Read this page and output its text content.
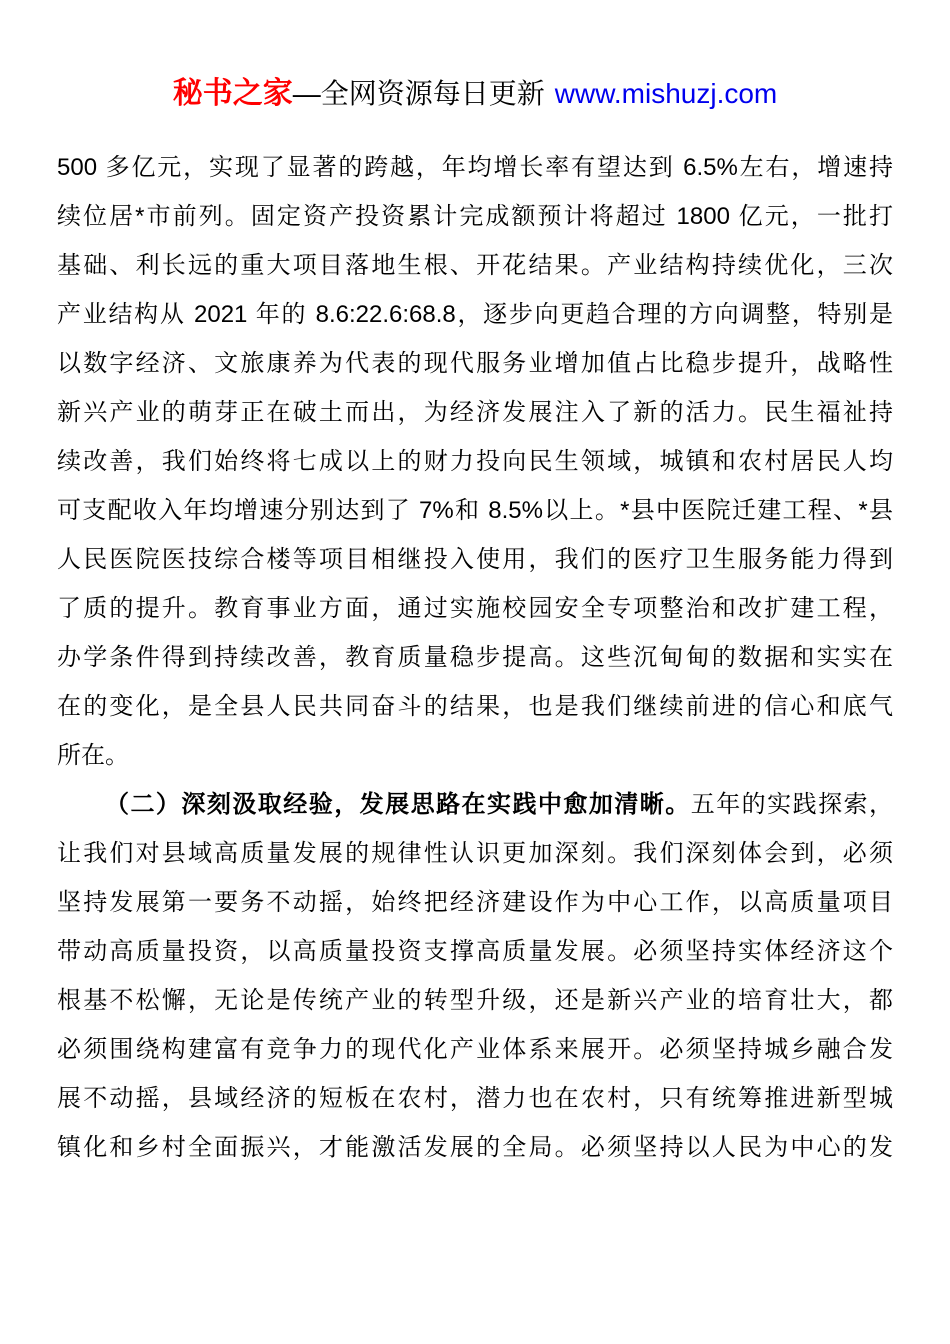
秘书之家—全网资源每日更新 www.mishuzj.com
500 多亿元，实现了显著的跨越，年均增长率有望达到 6.5%左右，增速持
续位居*市前列。固定资产投资累计完成额预计将超过 1800 亿元，一批打
基础、利长远的重大项目落地生根、开花结果。产业结构持续优化，三次
产业结构从 2021 年的 8.6:22.6:68.8，逐步向更趋合理的方向调整，特别是
以数字经济、文旅康养为代表的现代服务业增加值占比稳步提升，战略性
新兴产业的萌芽正在破土而出，为经济发展注入了新的活力。民生福祉持
续改善，我们始终将七成以上的财力投向民生领域，城镇和农村居民人均
可支配收入年均增速分别达到了 7%和 8.5%以上。*县中医院迁建工程、*县
人民医院医技综合楼等项目相继投入使用，我们的医疗卫生服务能力得到
了质的提升。教育事业方面，通过实施校园安全专项整治和改扩建工程，
办学条件得到持续改善，教育质量稳步提高。这些沉甸甸的数据和实实在
在的变化，是全县人民共同奋斗的结果，也是我们继续前进的信心和底气
所在。
（二）深刻汲取经验，发展思路在实践中愈加清晰。五年的实践探索，
让我们对县域高质量发展的规律性认识更加深刻。我们深刻体会到，必须
坚持发展第一要务不动摇，始终把经济建设作为中心工作，以高质量项目
带动高质量投资，以高质量投资支撑高质量发展。必须坚持实体经济这个
根基不松懈，无论是传统产业的转型升级，还是新兴产业的培育壮大，都
必须围绕构建富有竞争力的现代化产业体系来展开。必须坚持城乡融合发
展不动摇，县域经济的短板在农村，潜力也在农村，只有统筹推进新型城
镇化和乡村全面振兴，才能激活发展的全局。必须坚持以人民为中心的发
